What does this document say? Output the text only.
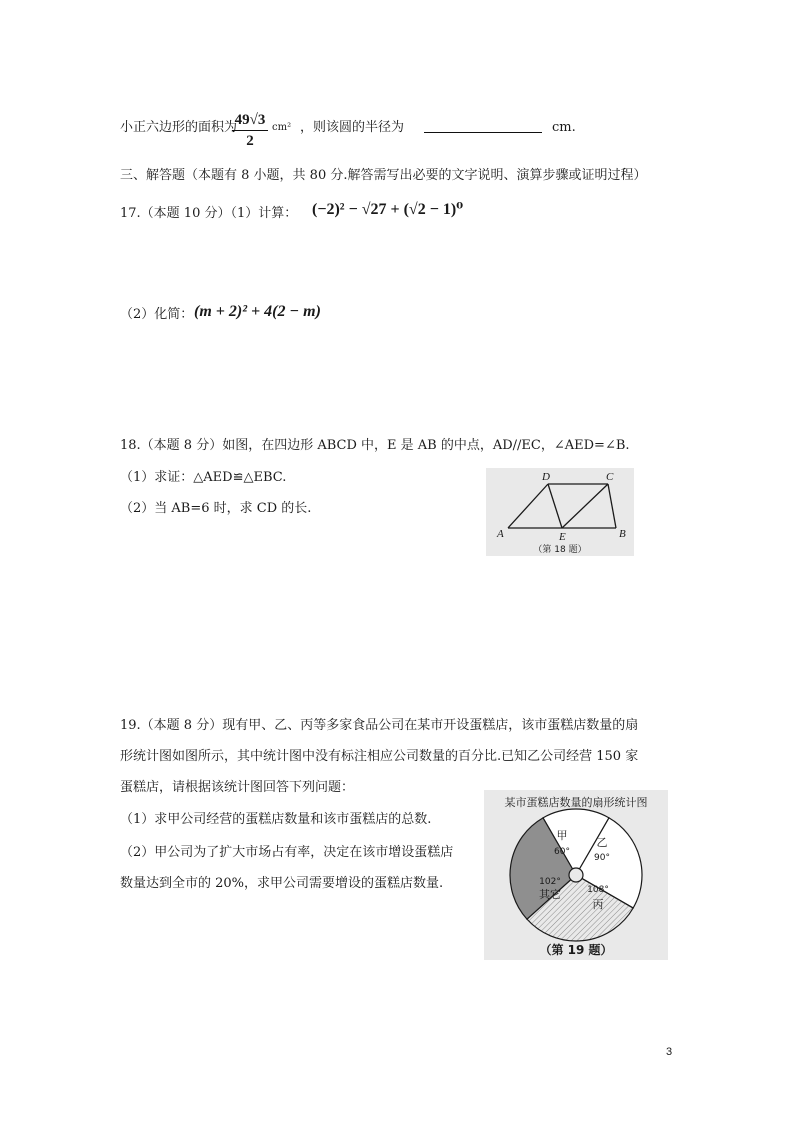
小正六边形的面积为
$\frac{49√3}{2} cm^2$ ，则该圆的半径为	cm.
三、解答题（本题有 8 小题，共 80 分.解答需写出必要的文字说明、演算步骤或证明过程）
17.（本题 10 分）（1）计算： (−2)² − √27 + (√2 − 1)⁰
（2）化简： (m + 2)² + 4(2 − m)
18.（本题 8 分）如图，在四边形 ABCD 中，E 是 AB 的中点，AD//EC，∠AED=∠B.
（1）求证：△AED≌△EBC.
（2）当 AB=6 时，求 CD 的长.
D	C
A	E	B
（第 18 题）
19.（本题 8 分）现有甲、乙、丙等多家食品公司在某市开设蛋糕店，该市蛋糕店数量的扇
形统计图如图所示，其中统计图中没有标注相应公司数量的百分比.已知乙公司经营 150 家
蛋糕店，请根据该统计图回答下列问题：
（1）求甲公司经营的蛋糕店数量和该市蛋糕店的总数.
（2）甲公司为了扩大市场占有率，决定在该市增设蛋糕店
数量达到全市的 20%，求甲公司需要增设的蛋糕店数量.
某市蛋糕店数量的扇形统计图
甲
60°
乙
90°
108°
丙
102°
其它
（第 19 题）
3
